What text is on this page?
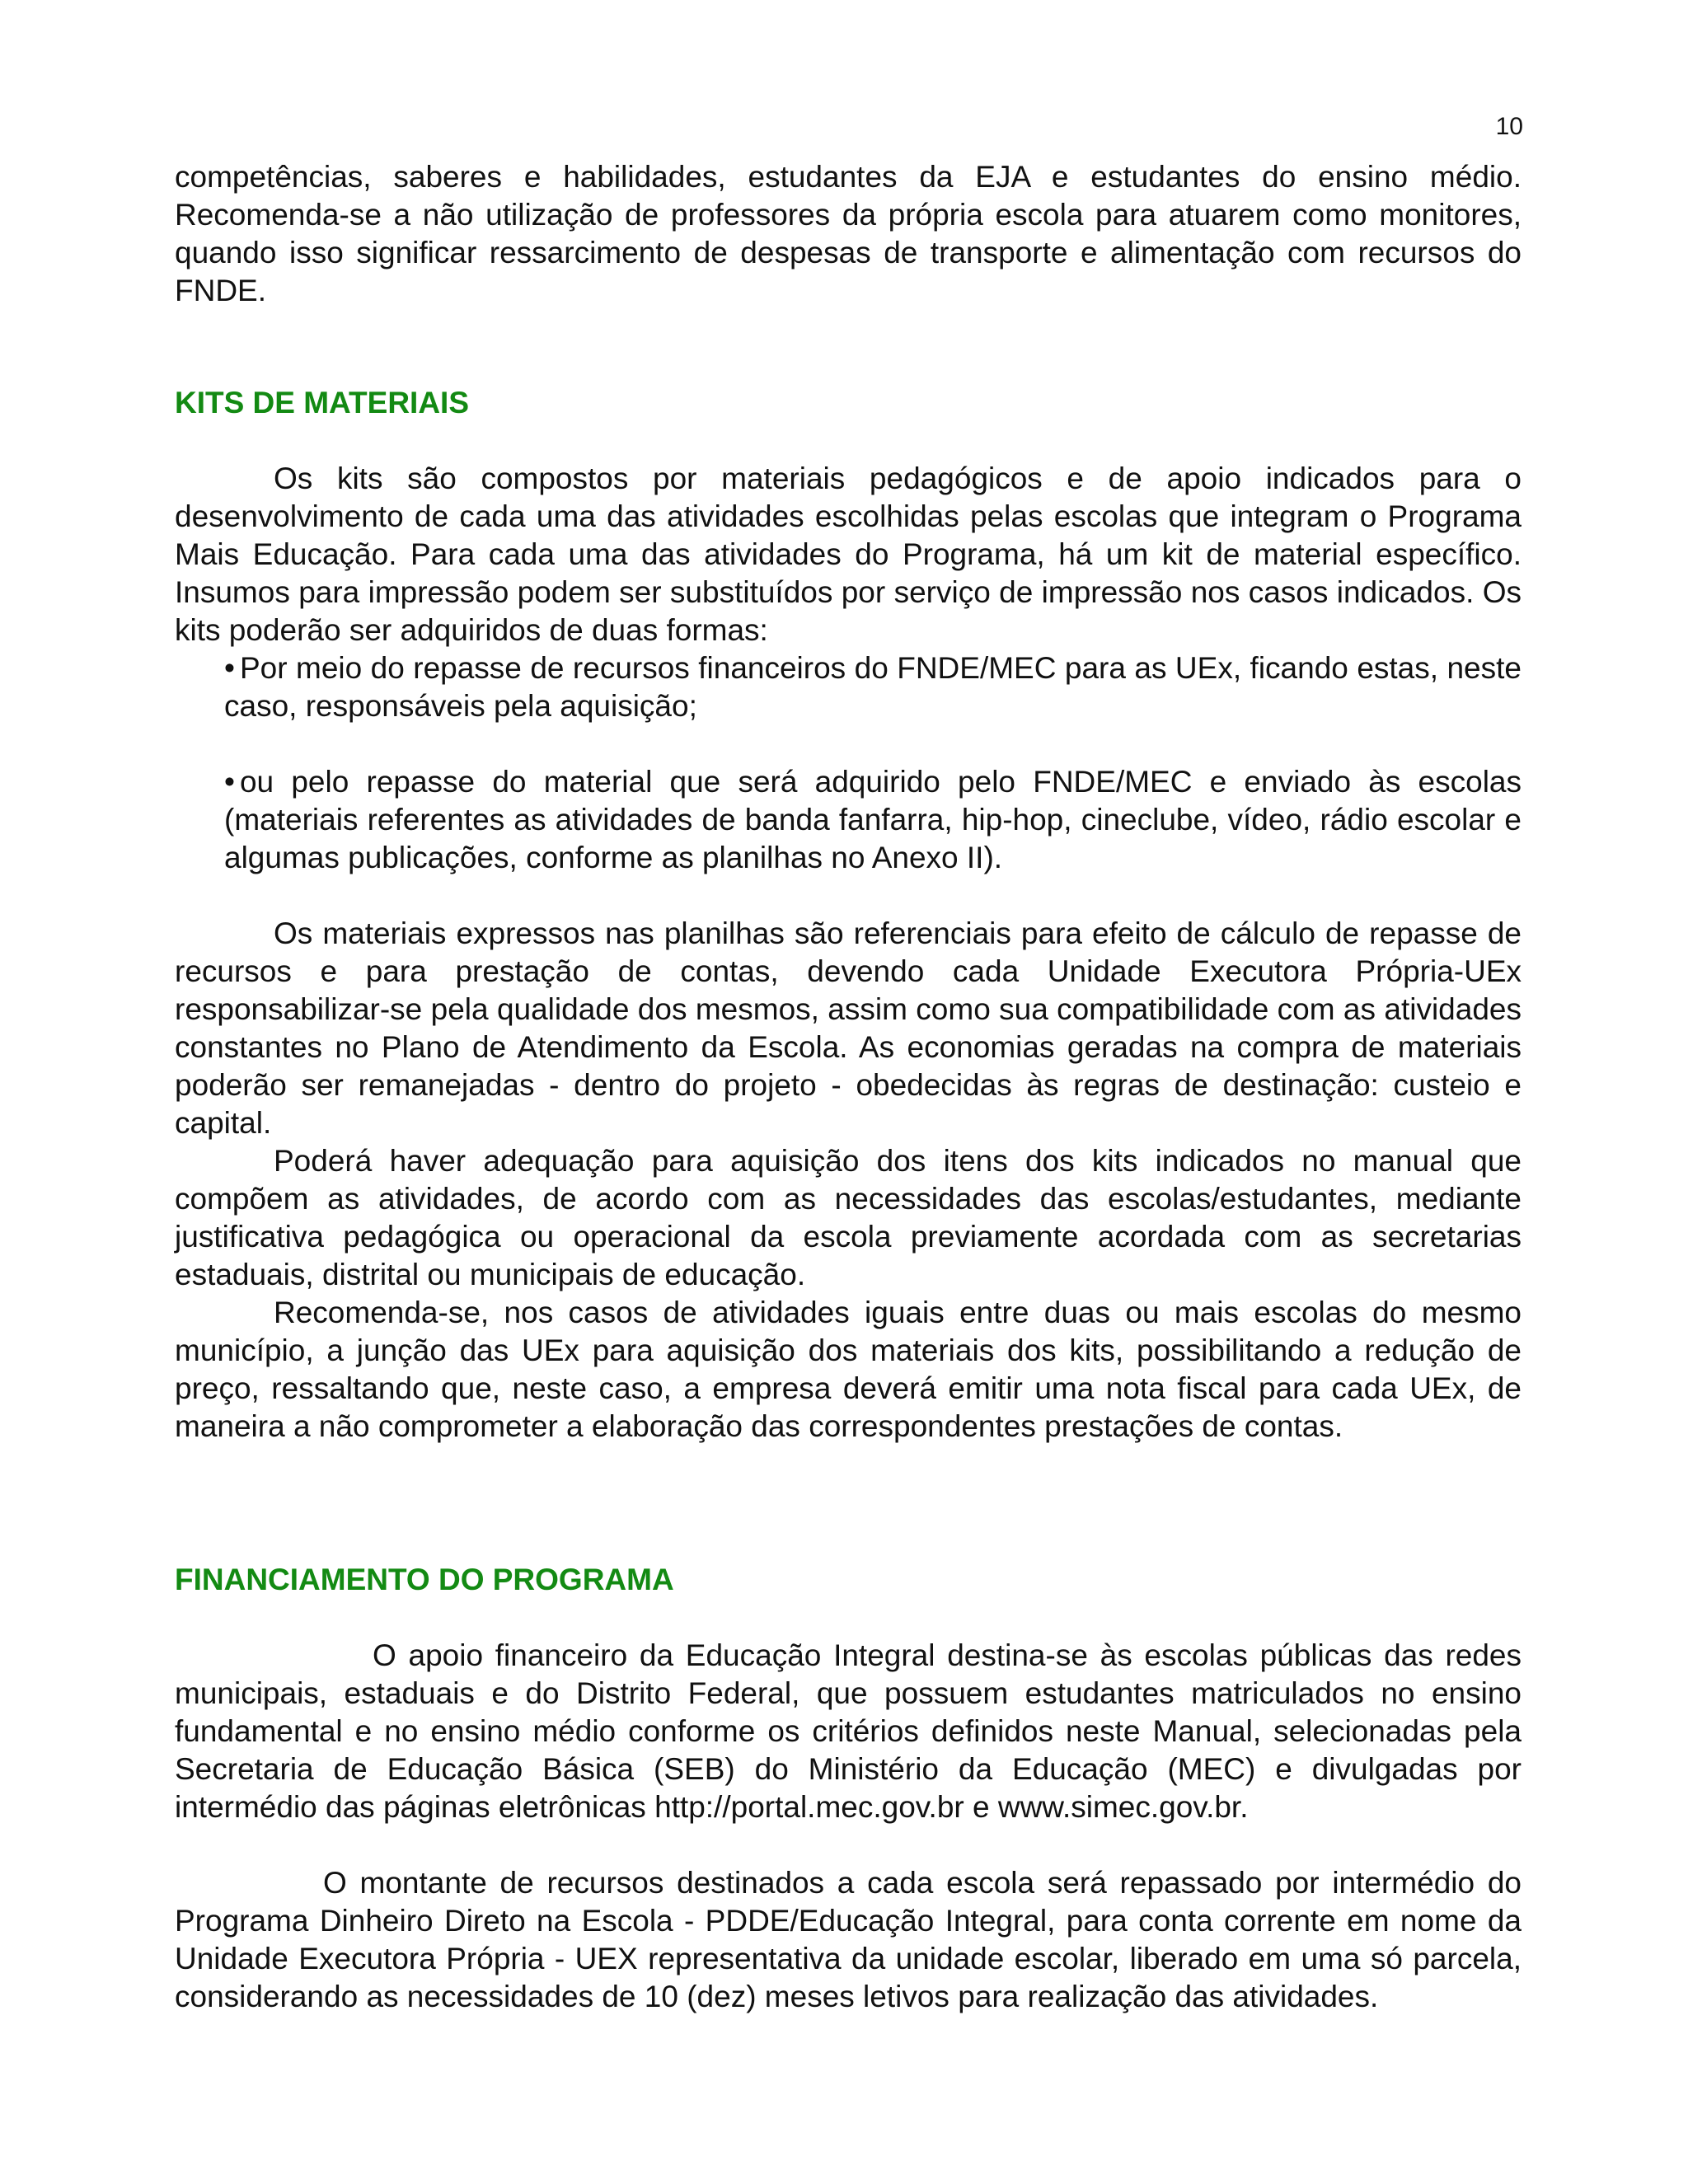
10

competências, saberes e habilidades, estudantes da EJA e estudantes do ensino médio. Recomenda-se a não utilização de professores da própria escola para atuarem como monitores, quando isso significar ressarcimento de despesas de transporte e alimentação com recursos do FNDE.

KITS DE MATERIAIS

Os kits são compostos por materiais pedagógicos e de apoio indicados para o desenvolvimento de cada uma das atividades escolhidas pelas escolas que integram o Programa Mais Educação. Para cada uma das atividades do Programa, há um kit de material específico. Insumos para impressão podem ser substituídos por serviço de impressão nos casos indicados. Os kits poderão ser adquiridos de duas formas:

• Por meio do repasse de recursos financeiros do FNDE/MEC para as UEx, ficando estas, neste caso, responsáveis pela aquisição;

• ou pelo repasse do material que será adquirido pelo FNDE/MEC e enviado às escolas (materiais referentes as atividades de banda fanfarra, hip-hop, cineclube, vídeo, rádio escolar e algumas publicações, conforme as planilhas no Anexo II).

Os materiais expressos nas planilhas são referenciais para efeito de cálculo de repasse de recursos e para prestação de contas, devendo cada Unidade Executora Própria-UEx responsabilizar-se pela qualidade dos mesmos, assim como sua compatibilidade com as atividades constantes no Plano de Atendimento da Escola. As economias geradas na compra de materiais poderão ser remanejadas - dentro do projeto - obedecidas às regras de destinação: custeio e capital.

Poderá haver adequação para aquisição dos itens dos kits indicados no manual que compõem as atividades, de acordo com as necessidades das escolas/estudantes, mediante justificativa pedagógica ou operacional da escola previamente acordada com as secretarias estaduais, distrital ou municipais de educação.

Recomenda-se, nos casos de atividades iguais entre duas ou mais escolas do mesmo município, a junção das UEx para aquisição dos materiais dos kits, possibilitando a redução de preço, ressaltando que, neste caso, a empresa deverá emitir uma nota fiscal para cada UEx, de maneira a não comprometer a elaboração das correspondentes prestações de contas.

FINANCIAMENTO DO PROGRAMA

O apoio financeiro da Educação Integral destina-se às escolas públicas das redes municipais, estaduais e do Distrito Federal, que possuem estudantes matriculados no ensino fundamental e no ensino médio conforme os critérios definidos neste Manual, selecionadas pela Secretaria de Educação Básica (SEB) do Ministério da Educação (MEC) e divulgadas por intermédio das páginas eletrônicas http://portal.mec.gov.br e www.simec.gov.br.

O montante de recursos destinados a cada escola será repassado por intermédio do Programa Dinheiro Direto na Escola - PDDE/Educação Integral, para conta corrente em nome da Unidade Executora Própria - UEX representativa da unidade escolar, liberado em uma só parcela, considerando as necessidades de 10 (dez) meses letivos para realização das atividades.
